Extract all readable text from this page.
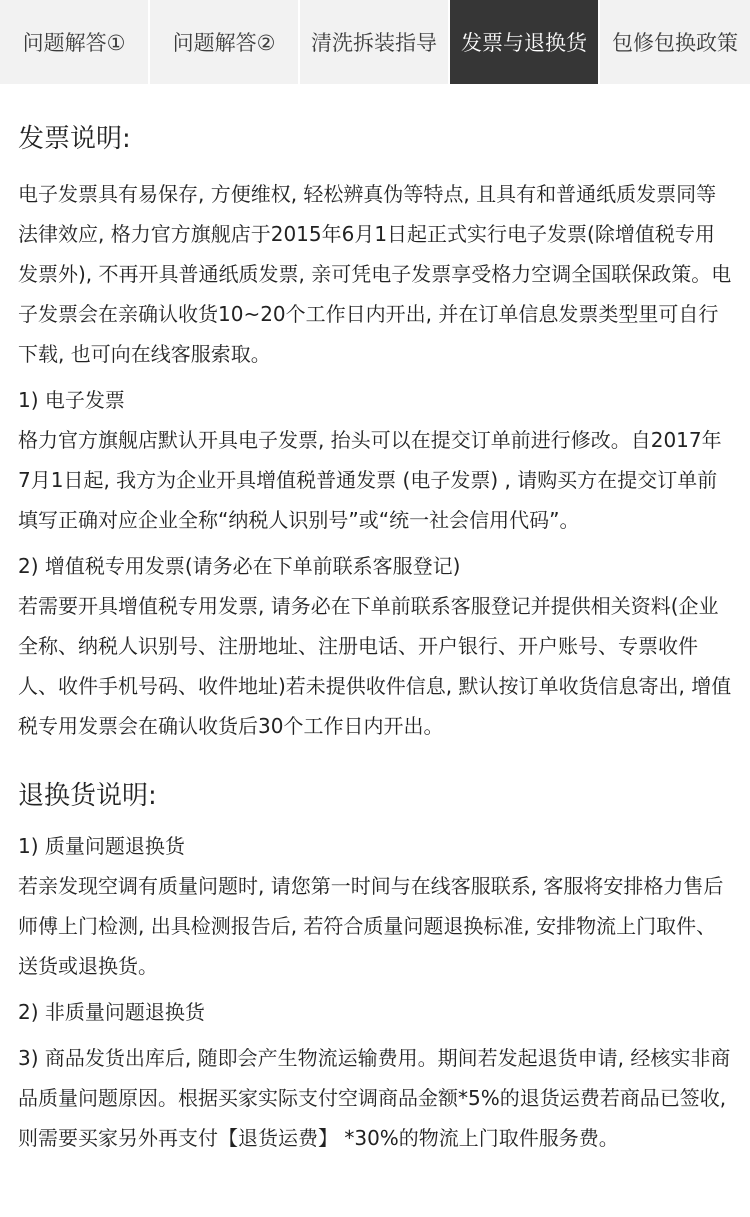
问题解答①	问题解答②	清洗拆装指导	发票与退换货	包修包换政策
发票说明:

电子发票具有易保存, 方便维权, 轻松辨真伪等特点, 且具有和普通纸质发票同等法律效应, 格力官方旗舰店于2015年6月1日起正式实行电子发票(除增值税专用发票外), 不再开具普通纸质发票, 亲可凭电子发票享受格力空调全国联保政策。电子发票会在亲确认收货10~20个工作日内开出, 并在订单信息发票类型里可自行下载, 也可向在线客服索取。

1) 电子发票

格力官方旗舰店默认开具电子发票, 抬头可以在提交订单前进行修改。自2017年7月1日起, 我方为企业开具增值税普通发票 (电子发票) , 请购买方在提交订单前填写正确对应企业全称“纳税人识别号”或“统一社会信用代码”。

2) 增值税专用发票(请务必在下单前联系客服登记)

若需要开具增值税专用发票, 请务必在下单前联系客服登记并提供相关资料(企业全称、纳税人识别号、注册地址、注册电话、开户银行、开户账号、专票收件人、收件手机号码、收件地址)若未提供收件信息, 默认按订单收货信息寄出, 增值税专用发票会在确认收货后30个工作日内开出。

退换货说明:

1) 质量问题退换货

若亲发现空调有质量问题时, 请您第一时间与在线客服联系, 客服将安排格力售后师傅上门检测, 出具检测报告后, 若符合质量问题退换标准, 安排物流上门取件、送货或退换货。

2) 非质量问题退换货

3) 商品发货出库后, 随即会产生物流运输费用。期间若发起退货申请, 经核实非商品质量问题原因。根据买家实际支付空调商品金额*5%的退货运费若商品已签收, 则需要买家另外再支付【退货运费】 *30%的物流上门取件服务费。
